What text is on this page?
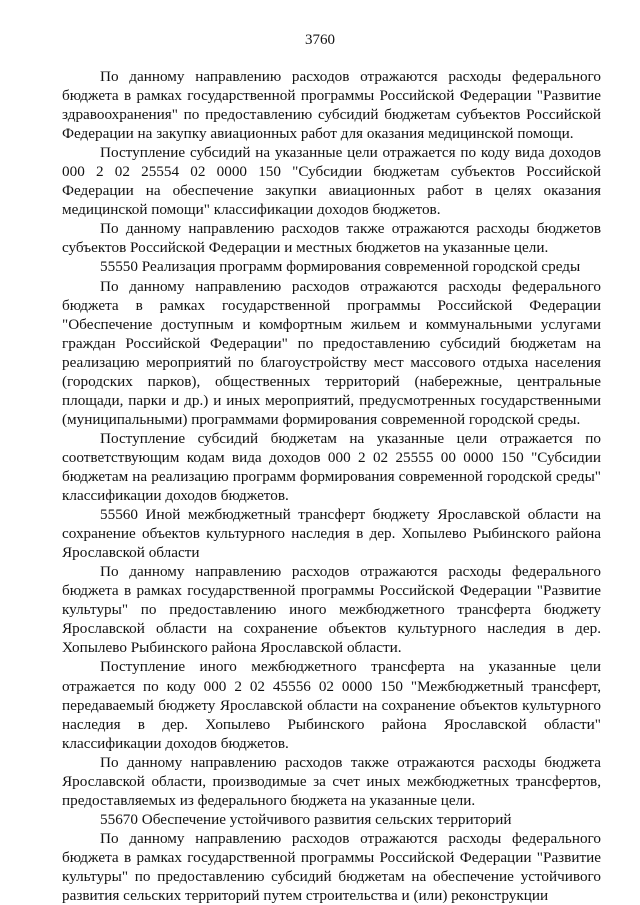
3760

По данному направлению расходов отражаются расходы федерального бюджета в рамках государственной программы Российской Федерации "Развитие здравоохранения" по предоставлению субсидий бюджетам субъектов Российской Федерации на закупку авиационных работ для оказания медицинской помощи.

Поступление субсидий на указанные цели отражается по коду вида доходов 000 2 02 25554 02 0000 150 "Субсидии бюджетам субъектов Российской Федерации на обеспечение закупки авиационных работ в целях оказания медицинской помощи" классификации доходов бюджетов.

По данному направлению расходов также отражаются расходы бюджетов субъектов Российской Федерации и местных бюджетов на указанные цели.

55550 Реализация программ формирования современной городской среды

По данному направлению расходов отражаются расходы федерального бюджета в рамках государственной программы Российской Федерации "Обеспечение доступным и комфортным жильем и коммунальными услугами граждан Российской Федерации" по предоставлению субсидий бюджетам на реализацию мероприятий по благоустройству мест массового отдыха населения (городских парков), общественных территорий (набережные, центральные площади, парки и др.) и иных мероприятий, предусмотренных государственными (муниципальными) программами формирования современной городской среды.

Поступление субсидий бюджетам на указанные цели отражается по соответствующим кодам вида доходов 000 2 02 25555 00 0000 150 "Субсидии бюджетам на реализацию программ формирования современной городской среды" классификации доходов бюджетов.

55560 Иной межбюджетный трансферт бюджету Ярославской области на сохранение объектов культурного наследия в дер. Хопылево Рыбинского района Ярославской области

По данному направлению расходов отражаются расходы федерального бюджета в рамках государственной программы Российской Федерации "Развитие культуры" по предоставлению иного межбюджетного трансферта бюджету Ярославской области на сохранение объектов культурного наследия в дер. Хопылево Рыбинского района Ярославской области.

Поступление иного межбюджетного трансферта на указанные цели отражается по коду 000 2 02 45556 02 0000 150 "Межбюджетный трансферт, передаваемый бюджету Ярославской области на сохранение объектов культурного наследия в дер. Хопылево Рыбинского района Ярославской области" классификации доходов бюджетов.

По данному направлению расходов также отражаются расходы бюджета Ярославской области, производимые за счет иных межбюджетных трансфертов, предоставляемых из федерального бюджета на указанные цели.

55670 Обеспечение устойчивого развития сельских территорий

По данному направлению расходов отражаются расходы федерального бюджета в рамках государственной программы Российской Федерации "Развитие культуры" по предоставлению субсидий бюджетам на обеспечение устойчивого развития сельских территорий путем строительства и (или) реконструкции
